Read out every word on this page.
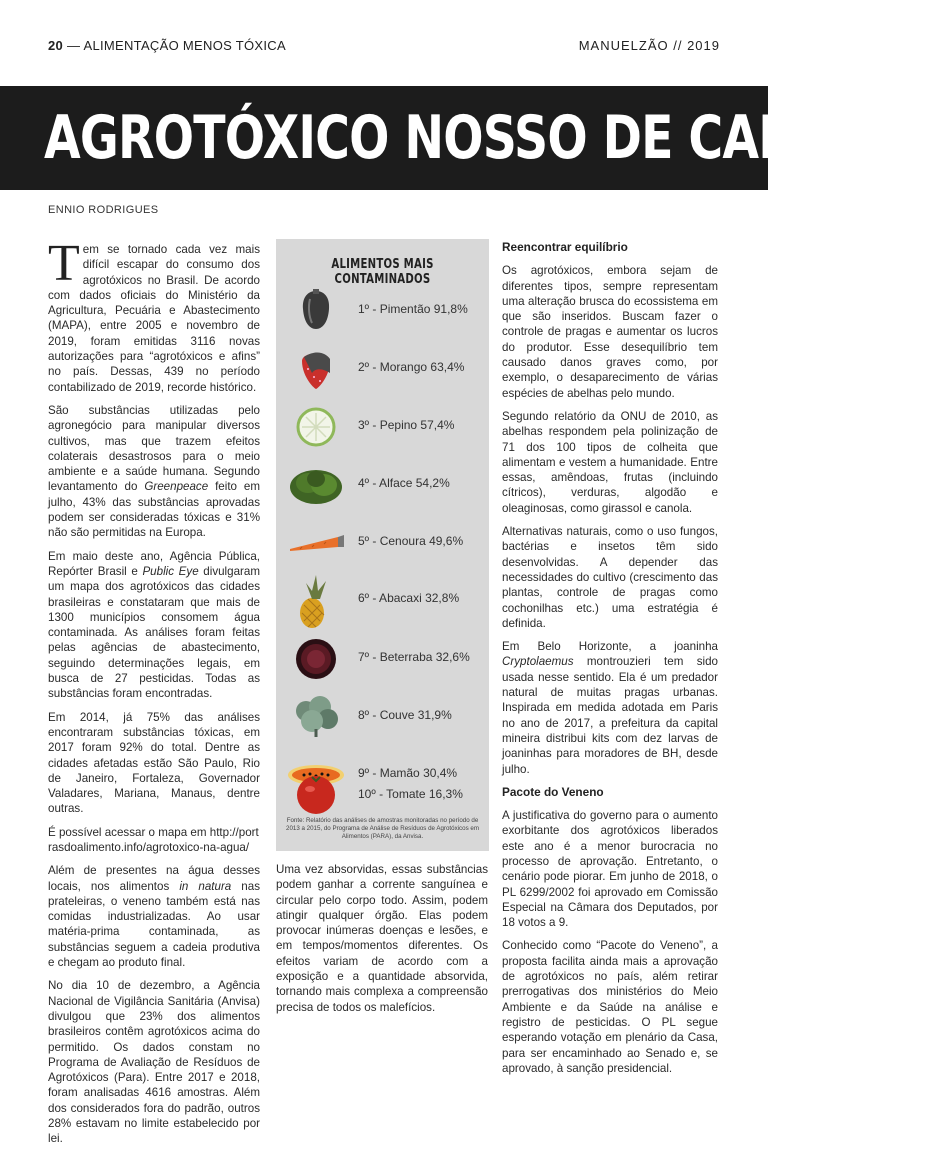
20 — ALIMENTAÇÃO MENOS TÓXICA	MANUELZÃO // 2019
AGROTÓXICO NOSSO DE CADA DIA
ENNIO RODRIGUES

Tem se tornado cada vez mais difícil escapar do consumo dos agrotóxicos no Brasil. De acordo com dados oficiais do Ministério da Agricultura, Pecuária e Abastecimento (MAPA), entre 2005 e novembro de 2019, foram emitidas 3116 novas autorizações para “agrotóxicos e afins” no país. Dessas, 439 no período contabilizado de 2019, recorde histórico.

São substâncias utilizadas pelo agronegócio para manipular diversos cultivos, mas que trazem efeitos colaterais desastrosos para o meio ambiente e a saúde humana. Segundo levantamento do Greenpeace feito em julho, 43% das substâncias aprovadas podem ser consideradas tóxicas e 31% não são permitidas na Europa.

Em maio deste ano, Agência Pública, Repórter Brasil e Public Eye divulgaram um mapa dos agrotóxicos das cidades brasileiras e constataram que mais de 1300 municípios consomem água contaminada. As análises foram feitas pelas agências de abastecimento, seguindo determinações legais, em busca de 27 pesticidas. Todas as substâncias foram encontradas.

Em 2014, já 75% das análises encontraram substâncias tóxicas, em 2017 foram 92% do total. Dentre as cidades afetadas estão São Paulo, Rio de Janeiro, Fortaleza, Governador Valadares, Mariana, Manaus, dentre outras.

É possível acessar o mapa em http://portrasdoalimento.info/agrotoxico-na-agua/

Além de presentes na água desses locais, nos alimentos in natura nas prateleiras, o veneno também está nas comidas industrializadas. Ao usar matéria-prima contaminada, as substâncias seguem a cadeia produtiva e chegam ao produto final.

No dia 10 de dezembro, a Agência Nacional de Vigilância Sanitária (Anvisa) divulgou que 23% dos alimentos brasileiros contêm agrotóxicos acima do permitido. Os dados constam no Programa de Avaliação de Resíduos de Agrotóxicos (Para). Entre 2017 e 2018, foram analisadas 4616 amostras. Além dos considerados fora do padrão, outros 28% estavam no limite estabelecido por lei.

ALIMENTOS MAIS CONTAMINADOS
1º - Pimentão 91,8%
2º - Morango 63,4%
3º - Pepino 57,4%
4º - Alface 54,2%
5º - Cenoura 49,6%
6º - Abacaxi 32,8%
7º - Beterraba 32,6%
8º - Couve 31,9%
9º - Mamão 30,4%
10º - Tomate 16,3%
Fonte: Relatório das análises de amostras monitoradas no período de 2013 a 2015, do Programa de Análise de Resíduos de Agrotóxicos em Alimentos (PARA), da Anvisa.

Uma vez absorvidas, essas substâncias podem ganhar a corrente sanguínea e circular pelo corpo todo. Assim, podem atingir qualquer órgão. Elas podem provocar inúmeras doenças e lesões, e em tempos/momentos diferentes. Os efeitos variam de acordo com a exposição e a quantidade absorvida, tornando mais complexa a compreensão precisa de todos os malefícios.

Reencontrar equilíbrio

Os agrotóxicos, embora sejam de diferentes tipos, sempre representam uma alteração brusca do ecossistema em que são inseridos. Buscam fazer o controle de pragas e aumentar os lucros do produtor. Esse desequilíbrio tem causado danos graves como, por exemplo, o desaparecimento de várias espécies de abelhas pelo mundo.

Segundo relatório da ONU de 2010, as abelhas respondem pela polinização de 71 dos 100 tipos de colheita que alimentam e vestem a humanidade. Entre essas, amêndoas, frutas (incluindo cítricos), verduras, algodão e oleaginosas, como girassol e canola.

Alternativas naturais, como o uso fungos, bactérias e insetos têm sido desenvolvidas. A depender das necessidades do cultivo (crescimento das plantas, controle de pragas como cochonilhas etc.) uma estratégia é definida.

Em Belo Horizonte, a joaninha Cryptolaemus montrouzieri tem sido usada nesse sentido. Ela é um predador natural de muitas pragas urbanas. Inspirada em medida adotada em Paris no ano de 2017, a prefeitura da capital mineira distribui kits com dez larvas de joaninhas para moradores de BH, desde julho.

Pacote do Veneno

A justificativa do governo para o aumento exorbitante dos agrotóxicos liberados este ano é a menor burocracia no processo de aprovação. Entretanto, o cenário pode piorar. Em junho de 2018, o PL 6299/2002 foi aprovado em Comissão Especial na Câmara dos Deputados, por 18 votos a 9.

Conhecido como “Pacote do Veneno”, a proposta facilita ainda mais a aprovação de agrotóxicos no país, além retirar prerrogativas dos ministérios do Meio Ambiente e da Saúde na análise e registro de pesticidas. O PL segue esperando votação em plenário da Casa, para ser encaminhado ao Senado e, se aprovado, à sanção presidencial.
